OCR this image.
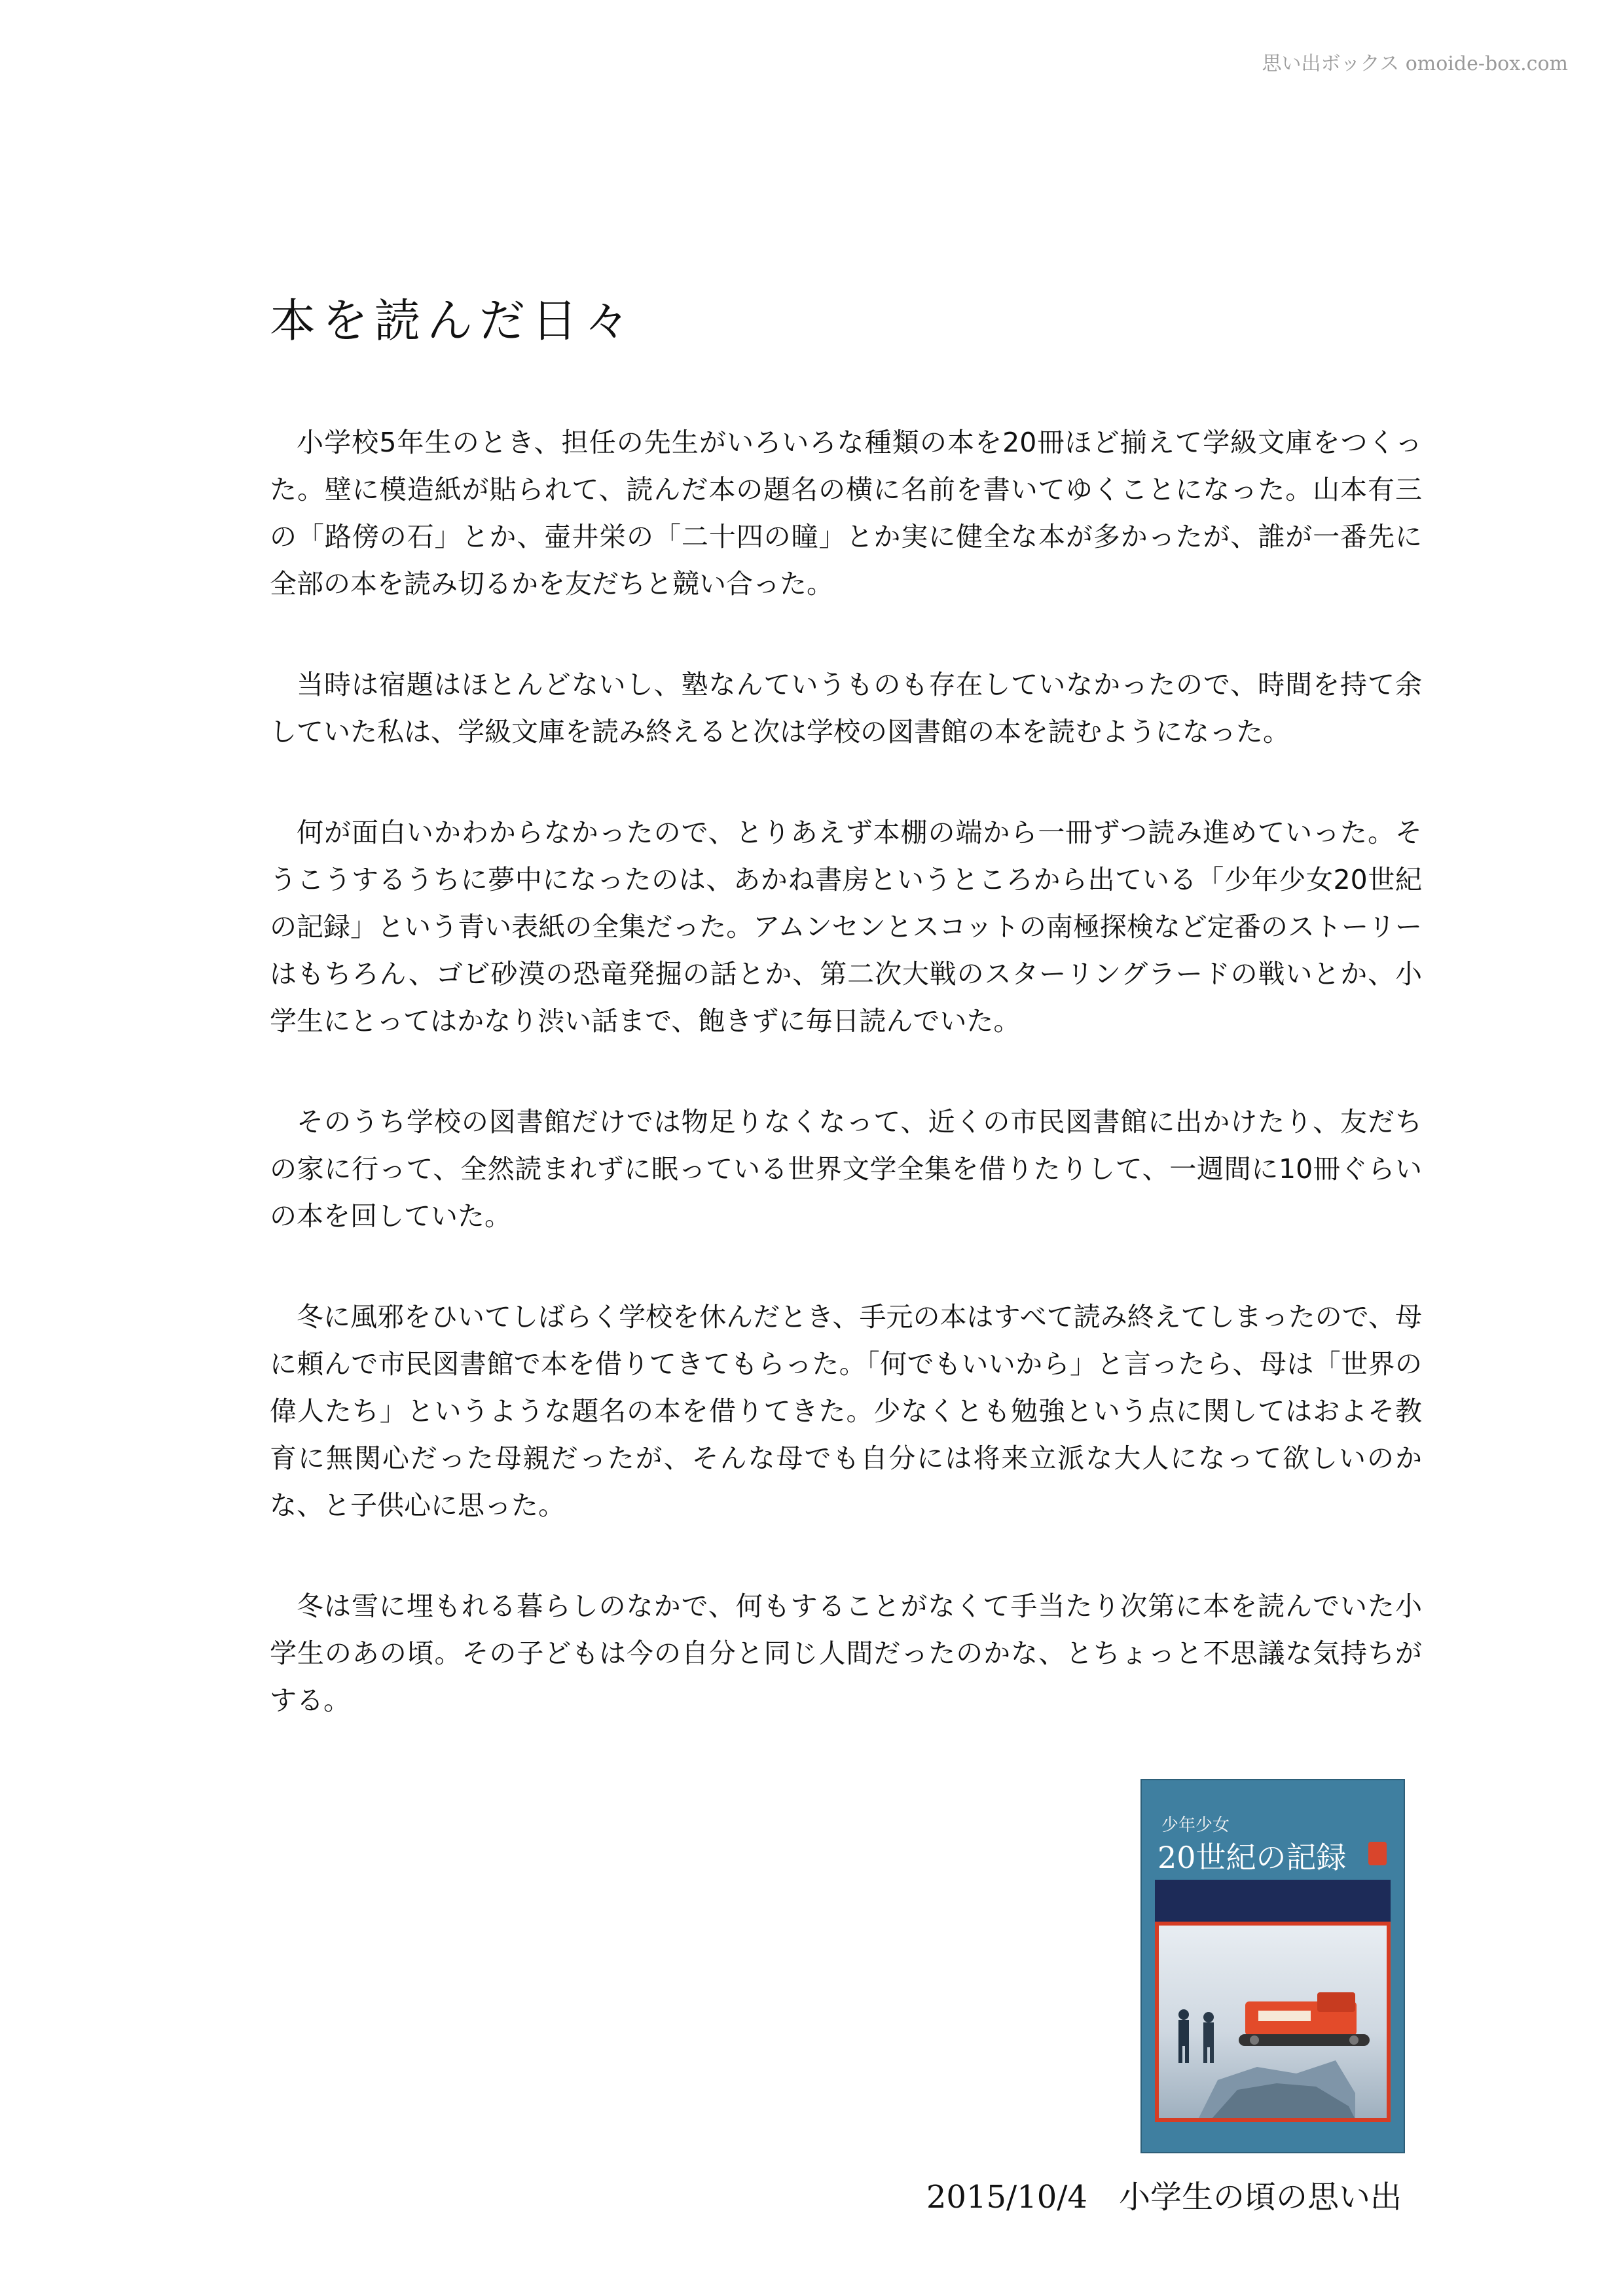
思い出ボックス omoide-box.com
本を読んだ日々

小学校5年生のとき、担任の先生がいろいろな種類の本を20冊ほど揃えて学級文庫をつくった。壁に模造紙が貼られて、読んだ本の題名の横に名前を書いてゆくことになった。山本有三の「路傍の石」とか、壷井栄の「二十四の瞳」とか実に健全な本が多かったが、誰が一番先に全部の本を読み切るかを友だちと競い合った。

当時は宿題はほとんどないし、塾なんていうものも存在していなかったので、時間を持て余していた私は、学級文庫を読み終えると次は学校の図書館の本を読むようになった。

何が面白いかわからなかったので、とりあえず本棚の端から一冊ずつ読み進めていった。そうこうするうちに夢中になったのは、あかね書房というところから出ている「少年少女20世紀の記録」という青い表紙の全集だった。アムンセンとスコットの南極探検など定番のストーリーはもちろん、ゴビ砂漠の恐竜発掘の話とか、第二次大戦のスターリングラードの戦いとか、小学生にとってはかなり渋い話まで、飽きずに毎日読んでいた。

そのうち学校の図書館だけでは物足りなくなって、近くの市民図書館に出かけたり、友だちの家に行って、全然読まれずに眠っている世界文学全集を借りたりして、一週間に10冊ぐらいの本を回していた。

冬に風邪をひいてしばらく学校を休んだとき、手元の本はすべて読み終えてしまったので、母に頼んで市民図書館で本を借りてきてもらった。「何でもいいから」と言ったら、母は「世界の偉人たち」というような題名の本を借りてきた。少なくとも勉強という点に関してはおよそ教育に無関心だった母親だったが、そんな母でも自分には将来立派な大人になって欲しいのかな、と子供心に思った。

冬は雪に埋もれる暮らしのなかで、何もすることがなくて手当たり次第に本を読んでいた小学生のあの頃。その子どもは今の自分と同じ人間だったのかな、とちょっと不思議な気持ちがする。

少年少女
20世紀の記録
2015/10/4　小学生の頃の思い出
